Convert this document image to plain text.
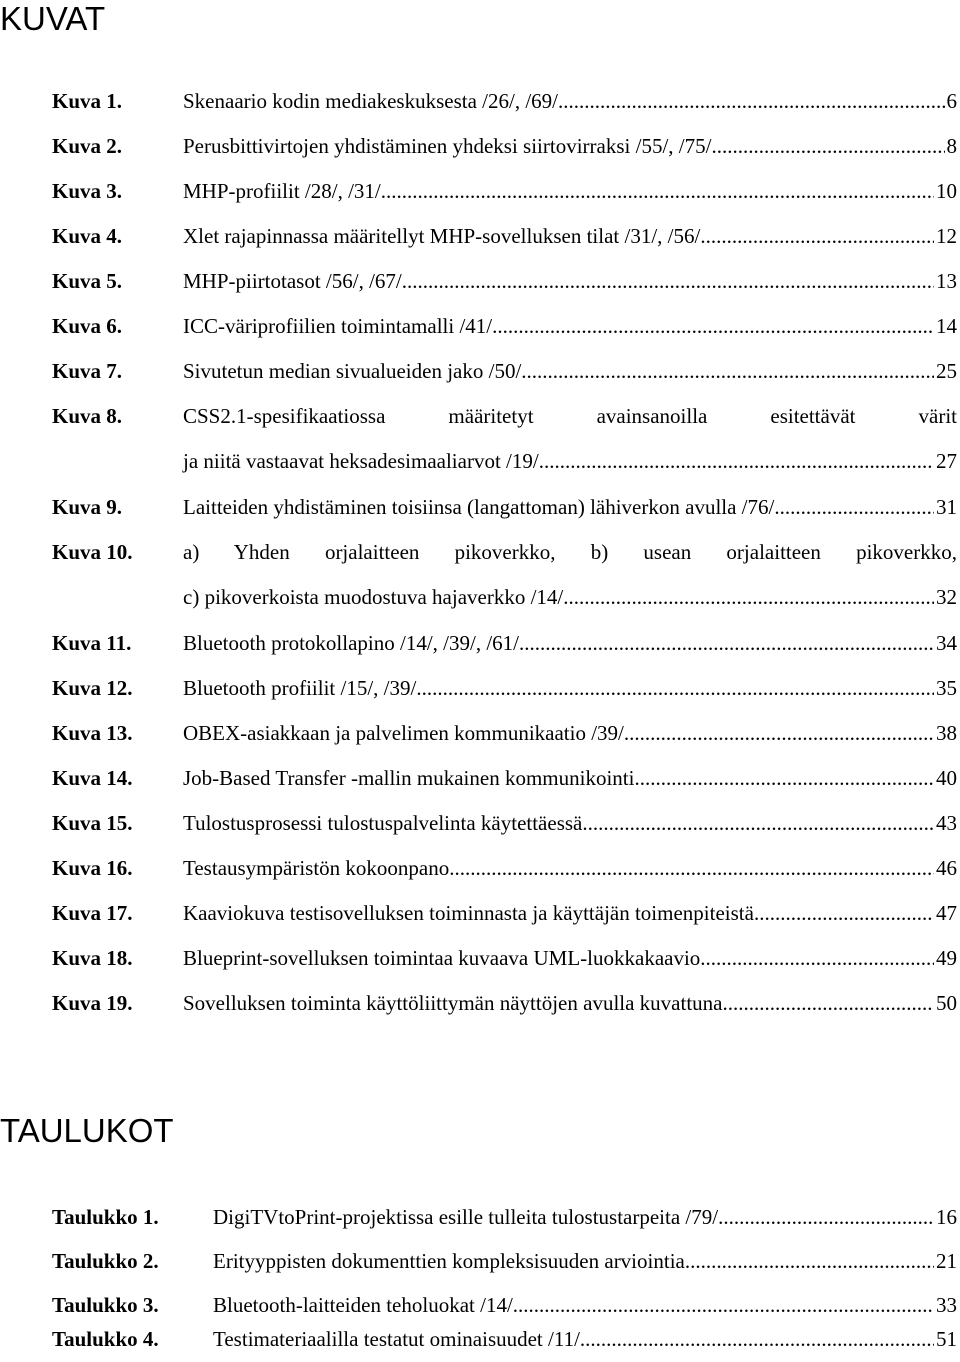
KUVAT
Kuva 1.	Skenaario kodin mediakeskuksesta /26/, /69/ .....	6
Kuva 2.	Perusbittivirtojen yhdistäminen yhdeksi siirtovirraksi /55/, /75/ .....	8
Kuva 3.	MHP-profiilit /28/, /31/ .....	10
Kuva 4.	Xlet rajapinnassa määritellyt MHP-sovelluksen tilat /31/, /56/ .....	12
Kuva 5.	MHP-piirtotasot /56/, /67/ .....	13
Kuva 6.	ICC-väriprofiilien toimintamalli /41/ .....	14
Kuva 7.	Sivutetun median sivualueiden jako /50/ .....	25
Kuva 8.	CSS2.1-spesifikaatiossa määritetyt avainsanoilla esitettävät värit
ja niitä vastaavat heksadesimaaliarvot /19/ .....	27
Kuva 9.	Laitteiden yhdistäminen toisiinsa (langattoman) lähiverkon avulla /76/. .....	31
Kuva 10. a) Yhden orjalaitteen pikoverkko, b) usean orjalaitteen pikoverkko,
c) pikoverkoista muodostuva hajaverkko /14/ .....	32
Kuva 11. Bluetooth protokollapino /14/, /39/, /61/ .....	34
Kuva 12. Bluetooth profiilit /15/, /39/ .....	35
Kuva 13. OBEX-asiakkaan ja palvelimen kommunikaatio /39/ .....	38
Kuva 14. Job-Based Transfer -mallin mukainen kommunikointi .....	40
Kuva 15. Tulostusprosessi tulostuspalvelinta käytettäessä .....	43
Kuva 16. Testausympäristön kokoonpano .....	46
Kuva 17. Kaaviokuva testisovelluksen toiminnasta ja käyttäjän toimenpiteistä .....	47
Kuva 18. Blueprint-sovelluksen toimintaa kuvaava UML-luokkakaavio .....	49
Kuva 19. Sovelluksen toiminta käyttöliittymän näyttöjen avulla kuvattuna .....	50
TAULUKOT
Taulukko 1.	DigiTVtoPrint-projektissa esille tulleita tulostustarpeita /79/ .....	16
Taulukko 2.	Erityyppisten dokumenttien kompleksisuuden arviointia .....	21
Taulukko 3.	Bluetooth-laitteiden teholuokat /14/ .....	33
Taulukko 4.	Testimateriaalilla testatut ominaisuudet /11/ .....	51
